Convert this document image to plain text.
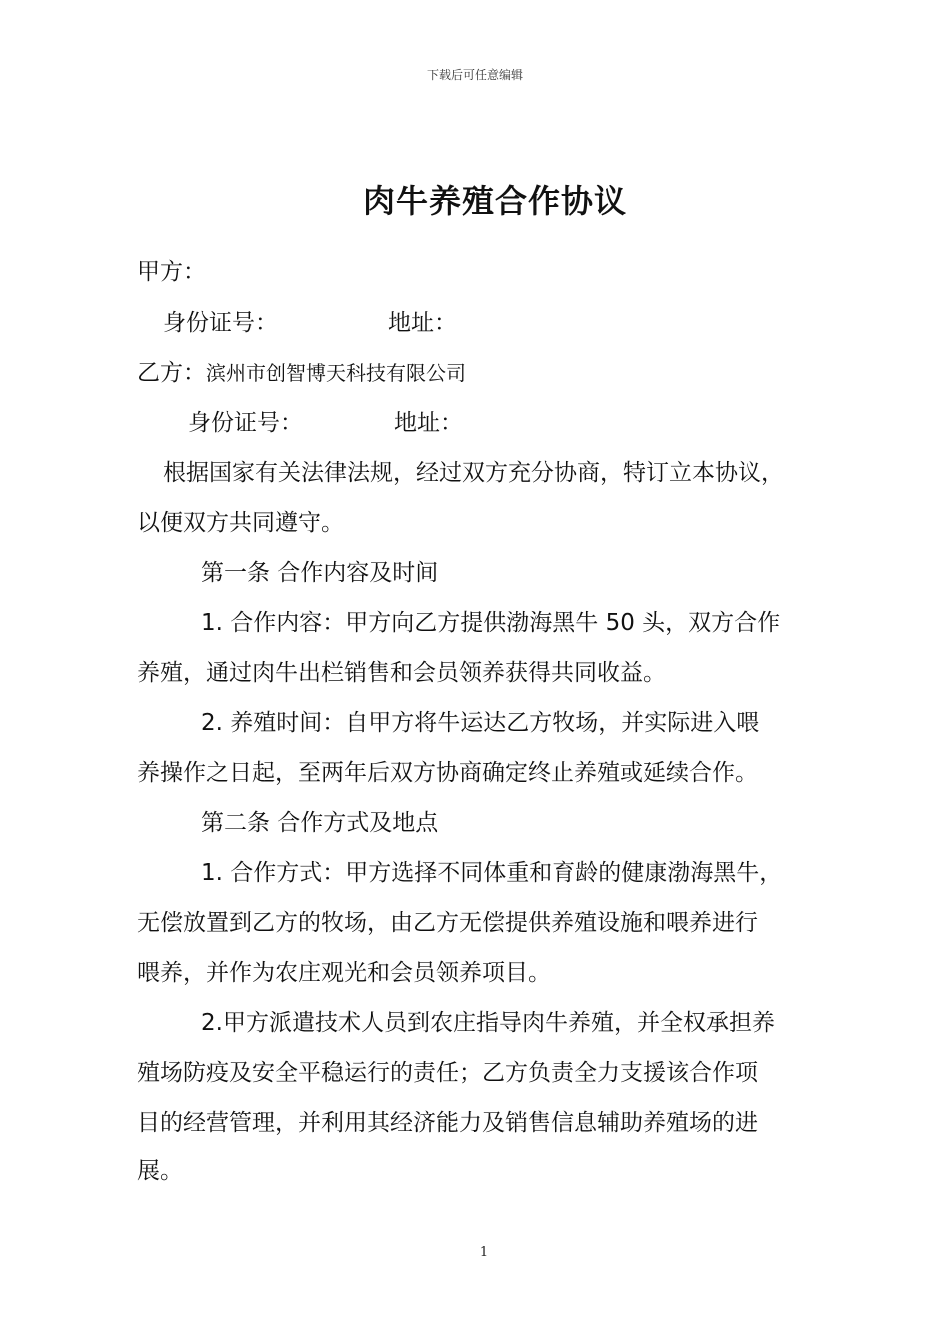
下载后可任意编辑
肉牛养殖合作协议
甲方：
身份证号：	地址：
乙方：滨州市创智博天科技有限公司
身份证号：	地址：
根据国家有关法律法规，经过双方充分协商，特订立本协议，
以便双方共同遵守。
第一条 合作内容及时间
1. 合作内容：甲方向乙方提供渤海黑牛 50 头，双方合作
养殖，通过肉牛出栏销售和会员领养获得共同收益。
2. 养殖时间：自甲方将牛运达乙方牧场，并实际进入喂
养操作之日起，至两年后双方协商确定终止养殖或延续合作。
第二条 合作方式及地点
1. 合作方式：甲方选择不同体重和育龄的健康渤海黑牛，
无偿放置到乙方的牧场，由乙方无偿提供养殖设施和喂养进行
喂养，并作为农庄观光和会员领养项目。
2.甲方派遣技术人员到农庄指导肉牛养殖，并全权承担养
殖场防疫及安全平稳运行的责任；乙方负责全力支援该合作项
目的经营管理，并利用其经济能力及销售信息辅助养殖场的进
展。
1
